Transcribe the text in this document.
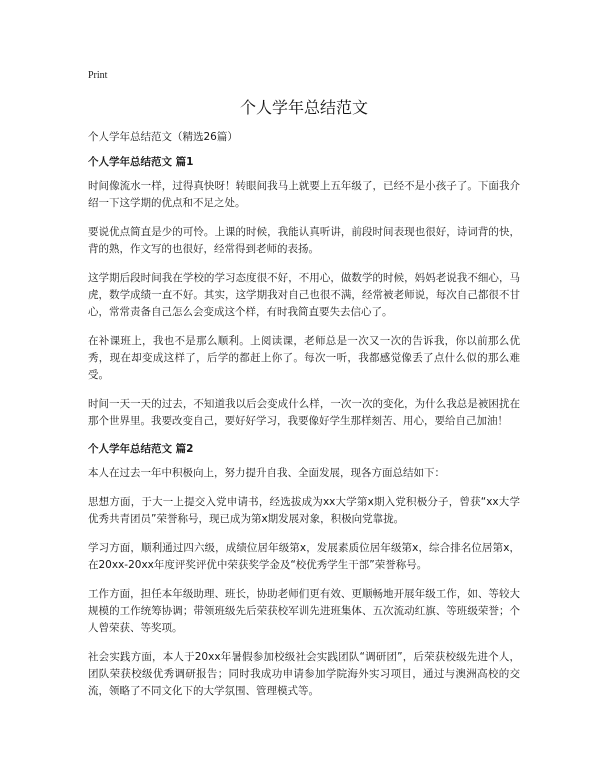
Print
个人学年总结范文
个人学年总结范文（精选26篇）
个人学年总结范文 篇1

时间像流水一样，过得真快呀！转眼间我马上就要上五年级了，已经不是小孩子了。下面我介绍一下这学期的优点和不足之处。

要说优点简直是少的可怜。上课的时候，我能认真听讲，前段时间表现也很好，诗词背的快，背的熟，作文写的也很好，经常得到老师的表扬。

这学期后段时间我在学校的学习态度很不好，不用心，做数学的时候，妈妈老说我不细心，马虎，数学成绩一直不好。其实，这学期我对自己也很不满，经常被老师说，每次自己都很不甘心，常常责备自己怎么会变成这个样，有时我简直要失去信心了。

在补课班上，我也不是那么顺利。上阅读课，老师总是一次又一次的告诉我，你以前那么优秀，现在却变成这样了，后学的都赶上你了。每次一听，我都感觉像丢了点什么似的那么难受。

时间一天一天的过去，不知道我以后会变成什么样，一次一次的变化，为什么我总是被困扰在那个世界里。我要改变自己，要好好学习，我要像好学生那样刻苦、用心，要给自己加油！

个人学年总结范文 篇2

本人在过去一年中积极向上，努力提升自我、全面发展，现各方面总结如下：

思想方面，于大一上提交入党申请书，经选拔成为xx大学第x期入党积极分子，曾获“xx大学优秀共青团员”荣誉称号，现已成为第x期发展对象，积极向党靠拢。

学习方面，顺利通过四六级，成绩位居年级第x，发展素质位居年级第x，综合排名位居第x，在20xx-20xx年度评奖评优中荣获奖学金及“校优秀学生干部”荣誉称号。

工作方面，担任本年级助理、班长，协助老师们更有效、更顺畅地开展年级工作，如、等较大规模的工作统筹协调；带领班级先后荣获校军训先进班集体、五次流动红旗、等班级荣誉；个人曾荣获、等奖项。

社会实践方面，本人于20xx年暑假参加校级社会实践团队“调研团”，后荣获校级先进个人，团队荣获校级优秀调研报告；同时我成功申请参加学院海外实习项目，通过与澳洲高校的交流，领略了不同文化下的大学氛围、管理模式等。
